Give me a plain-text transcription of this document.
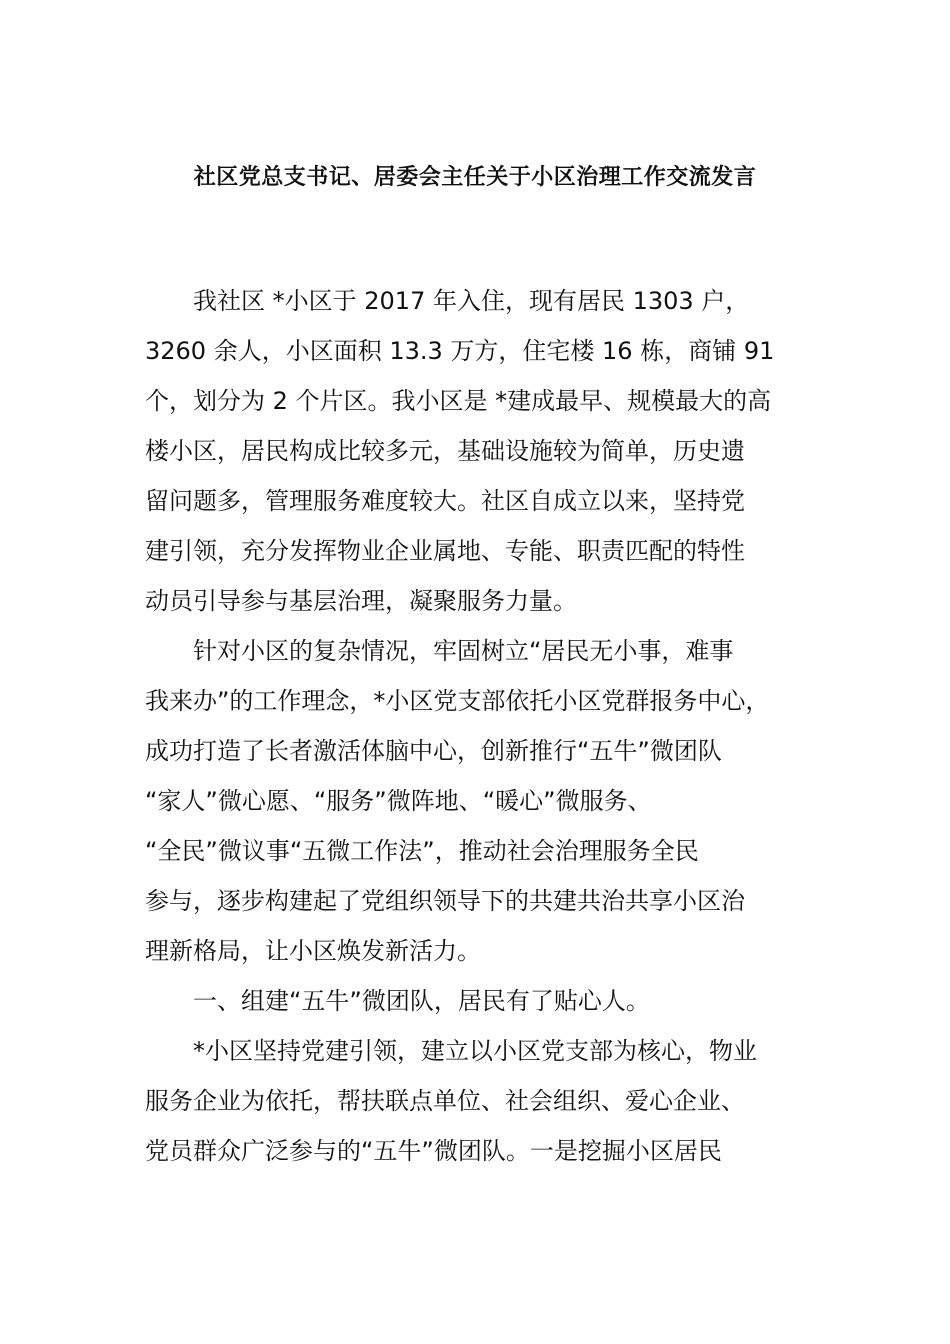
社区党总支书记、居委会主任关于小区治理工作交流发言
我社区 *小区于 2017 年入住，现有居民 1303 户，
3260 余人，小区面积 13.3 万方，住宅楼 16 栋，商铺 91
个，划分为 2 个片区。我小区是 *建成最早、规模最大的高
楼小区，居民构成比较多元，基础设施较为简单，历史遗
留问题多，管理服务难度较大。社区自成立以来，坚持党
建引领，充分发挥物业企业属地、专能、职责匹配的特性
动员引导参与基层治理，凝聚服务力量。
针对小区的复杂情况，牢固树立“居民无小事，难事
我来办”的工作理念，*小区党支部依托小区党群报务中心，
成功打造了长者激活体脑中心，创新推行“五牛”微团队
“家人”微心愿、“服务”微阵地、“暖心”微服务、
“全民”微议事“五微工作法”，推动社会治理服务全民
参与，逐步构建起了党组织领导下的共建共治共享小区治
理新格局，让小区焕发新活力。
一、组建“五牛”微团队，居民有了贴心人。
*小区坚持党建引领，建立以小区党支部为核心，物业
服务企业为依托，帮扶联点单位、社会组织、爱心企业、
党员群众广泛参与的“五牛”微团队。一是挖掘小区居民
